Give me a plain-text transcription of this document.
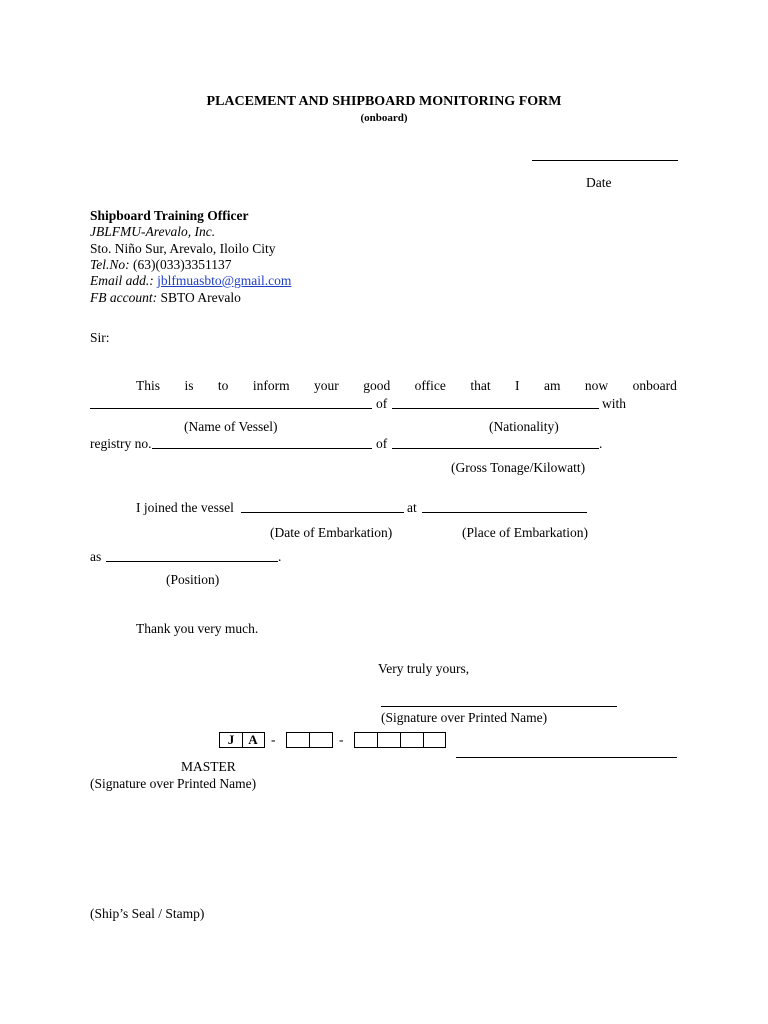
PLACEMENT AND SHIPBOARD MONITORING FORM
(onboard)
Date
Shipboard Training Officer
JBLFMU-Arevalo, Inc.
Sto. Niño Sur, Arevalo, Iloilo City
Tel.No: (63)(033)3351137
Email add.: jblfmuasbto@gmail.com
FB account: SBTO Arevalo
Sir:
This is to inform your good office that I am now onboard
of	with
(Name of Vessel)	(Nationality)
registry no.	of	.
(Gross Tonage/Kilowatt)
I joined the vessel	at
(Date of Embarkation)	(Place of Embarkation)
as	.
(Position)
Thank you very much.
Very truly yours,
(Signature over Printed Name)
J	A -	-
MASTER
(Signature over Printed Name)
(Ship’s Seal / Stamp)
